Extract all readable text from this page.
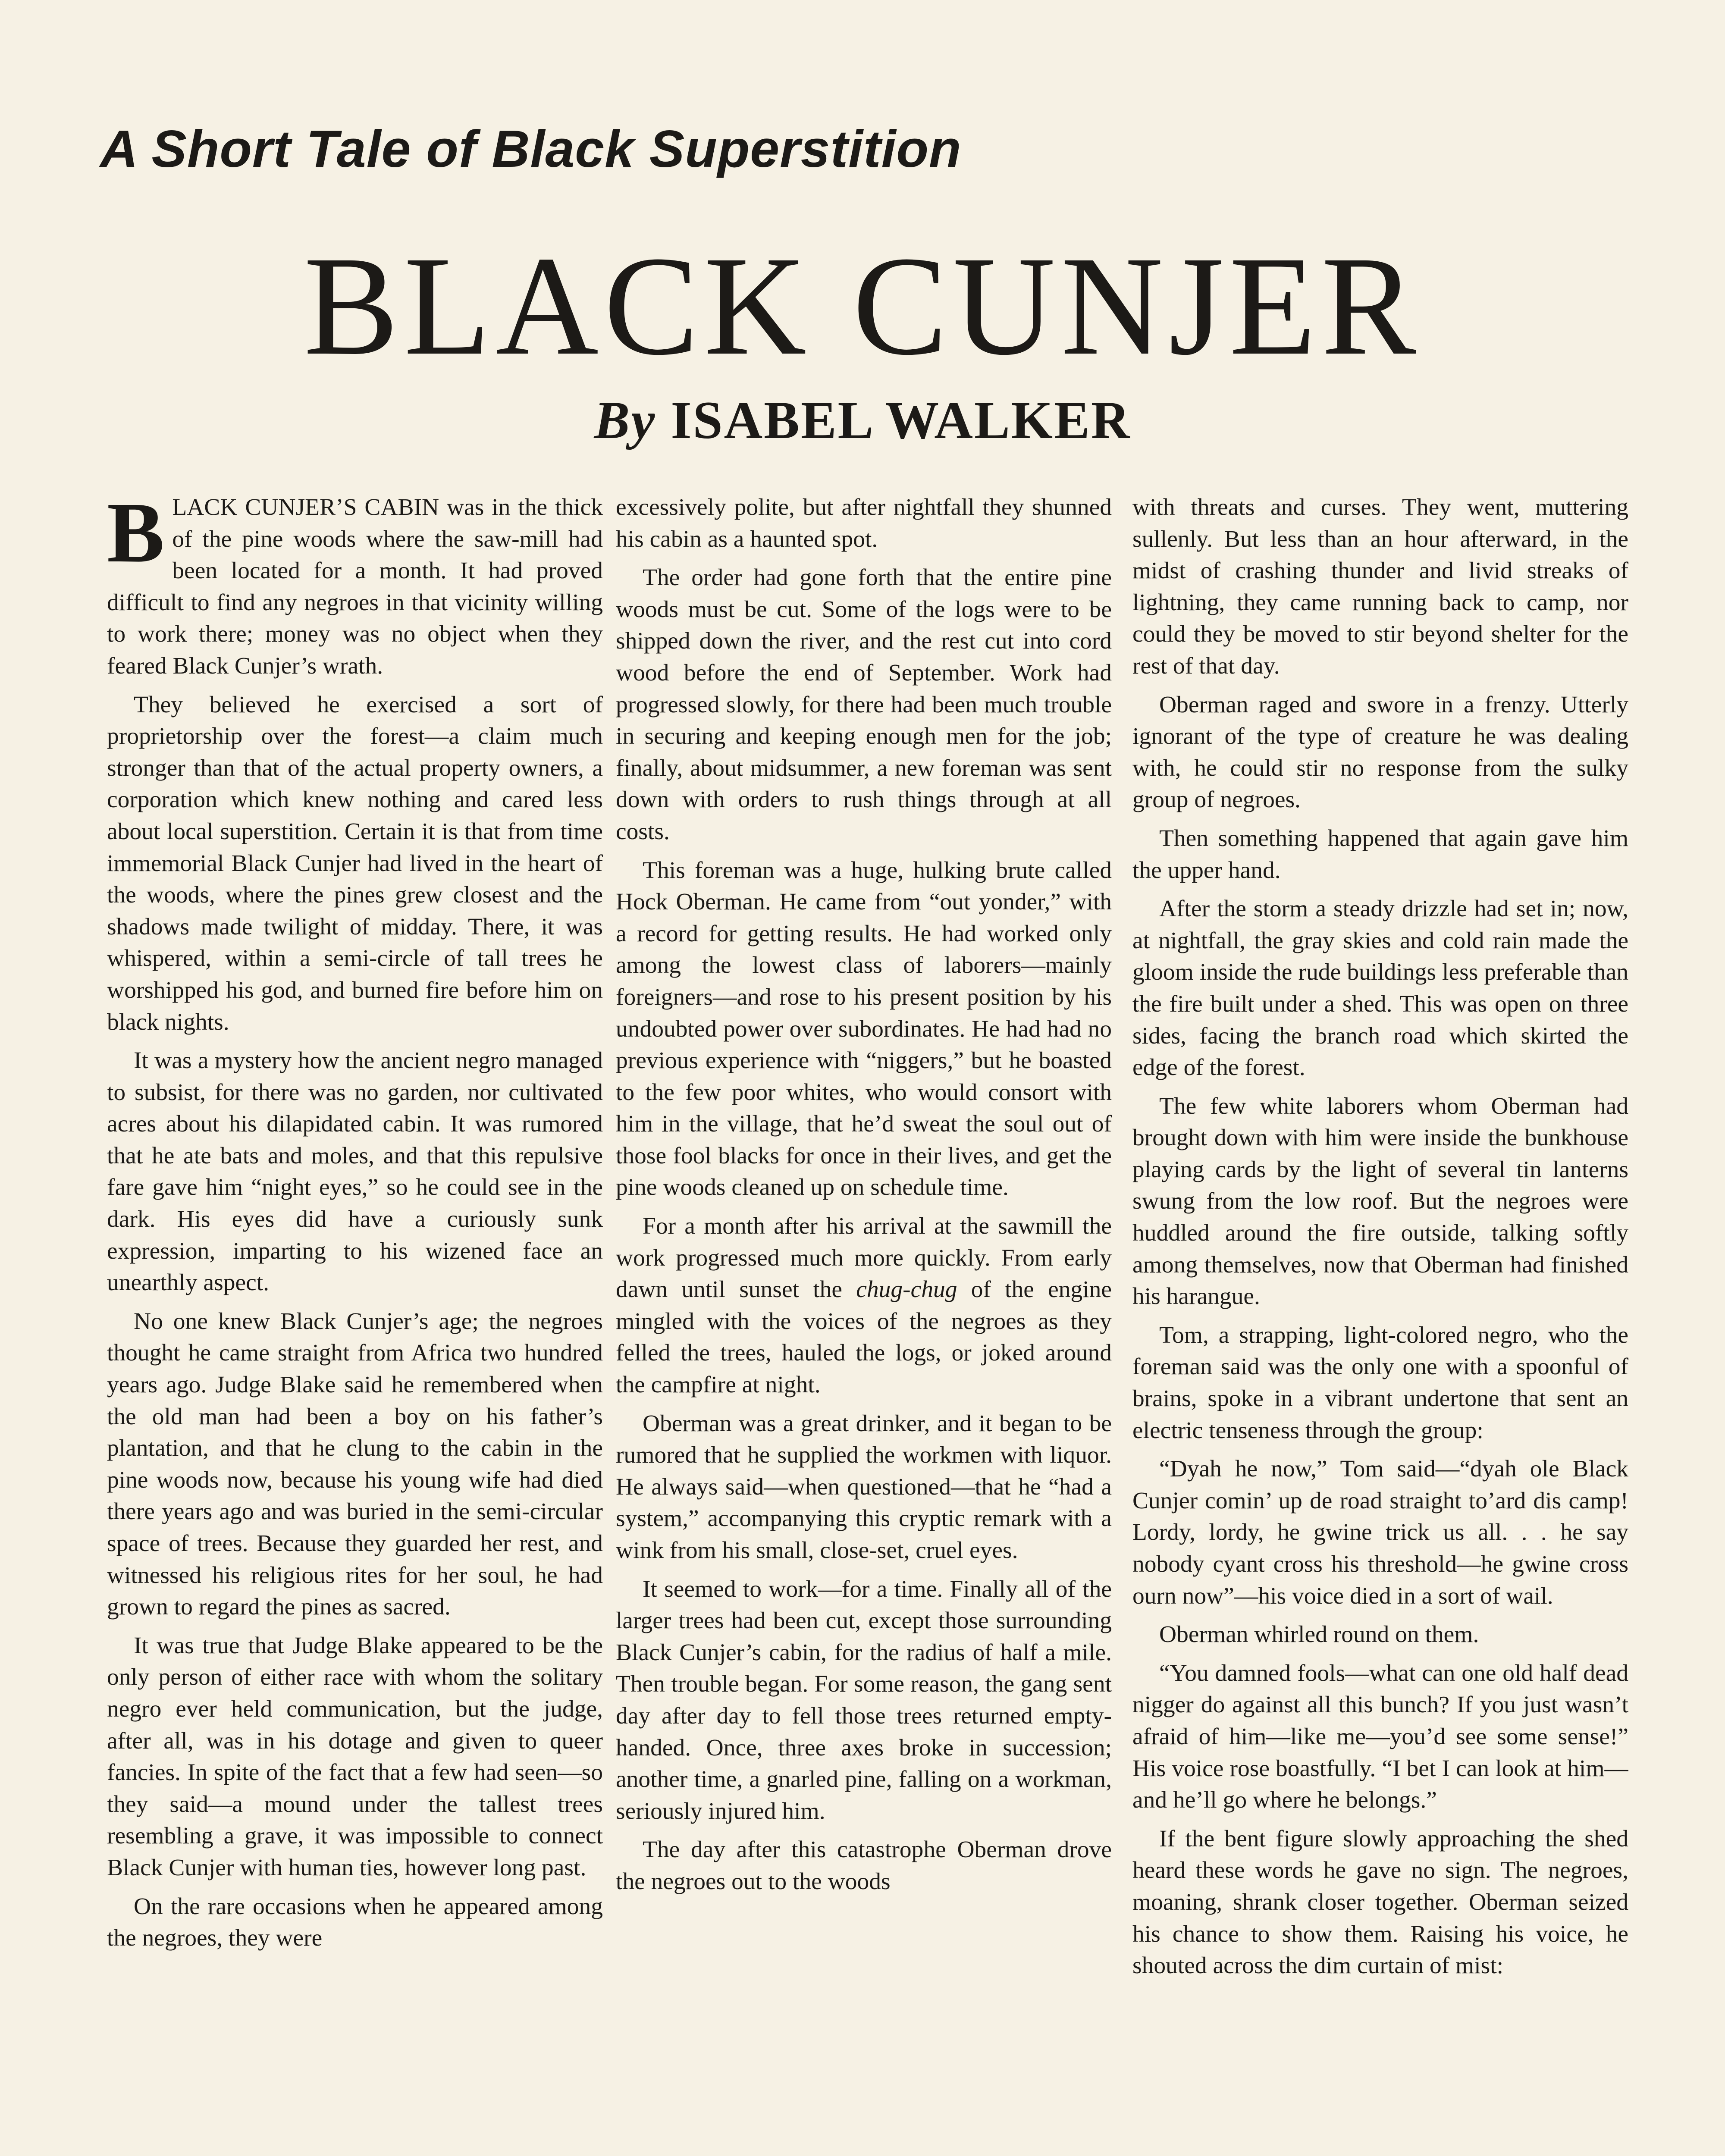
A Short Tale of Black Superstition
BLACK CUNJER
By ISABEL WALKER

BLACK CUNJER’S CABIN was in the thick of the pine woods where the saw-mill had been located for a month. It had proved difficult to find any negroes in that vicinity willing to work there; money was no object when they feared Black Cunjer’s wrath.

They believed he exercised a sort of proprietorship over the forest—a claim much stronger than that of the actual property owners, a corporation which knew nothing and cared less about local superstition. Certain it is that from time immemorial Black Cunjer had lived in the heart of the woods, where the pines grew closest and the shadows made twilight of midday. There, it was whispered, within a semi-circle of tall trees he worshipped his god, and burned fire before him on black nights.

It was a mystery how the ancient negro managed to subsist, for there was no garden, nor cultivated acres about his dilapidated cabin. It was rumored that he ate bats and moles, and that this repulsive fare gave him “night eyes,” so he could see in the dark. His eyes did have a curiously sunk expression, imparting to his wizened face an unearthly aspect.

No one knew Black Cunjer’s age; the negroes thought he came straight from Africa two hundred years ago. Judge Blake said he remembered when the old man had been a boy on his father’s plantation, and that he clung to the cabin in the pine woods now, because his young wife had died there years ago and was buried in the semi-circular space of trees. Because they guarded her rest, and witnessed his religious rites for her soul, he had grown to regard the pines as sacred.

It was true that Judge Blake appeared to be the only person of either race with whom the solitary negro ever held communication, but the judge, after all, was in his dotage and given to queer fancies. In spite of the fact that a few had seen—so they said—a mound under the tallest trees resembling a grave, it was impossible to connect Black Cunjer with human ties, however long past.

On the rare occasions when he appeared among the negroes, they were

excessively polite, but after nightfall they shunned his cabin as a haunted spot.

The order had gone forth that the entire pine woods must be cut. Some of the logs were to be shipped down the river, and the rest cut into cord wood before the end of September. Work had progressed slowly, for there had been much trouble in securing and keeping enough men for the job; finally, about midsummer, a new foreman was sent down with orders to rush things through at all costs.

This foreman was a huge, hulking brute called Hock Oberman. He came from “out yonder,” with a record for getting results. He had worked only among the lowest class of laborers—mainly foreigners—and rose to his present position by his undoubted power over subordinates. He had had no previous experience with “niggers,” but he boasted to the few poor whites, who would consort with him in the village, that he’d sweat the soul out of those fool blacks for once in their lives, and get the pine woods cleaned up on schedule time.

For a month after his arrival at the sawmill the work progressed much more quickly. From early dawn until sunset the chug-chug of the engine mingled with the voices of the negroes as they felled the trees, hauled the logs, or joked around the campfire at night.

Oberman was a great drinker, and it began to be rumored that he supplied the workmen with liquor. He always said—when questioned—that he “had a system,” accompanying this cryptic remark with a wink from his small, close-set, cruel eyes.

It seemed to work—for a time. Finally all of the larger trees had been cut, except those surrounding Black Cunjer’s cabin, for the radius of half a mile. Then trouble began. For some reason, the gang sent day after day to fell those trees returned empty-handed. Once, three axes broke in succession; another time, a gnarled pine, falling on a workman, seriously injured him.

The day after this catastrophe Oberman drove the negroes out to the woods

with threats and curses. They went, muttering sullenly. But less than an hour afterward, in the midst of crashing thunder and livid streaks of lightning, they came running back to camp, nor could they be moved to stir beyond shelter for the rest of that day.

Oberman raged and swore in a frenzy. Utterly ignorant of the type of creature he was dealing with, he could stir no response from the sulky group of negroes.

Then something happened that again gave him the upper hand.

After the storm a steady drizzle had set in; now, at nightfall, the gray skies and cold rain made the gloom inside the rude buildings less preferable than the fire built under a shed. This was open on three sides, facing the branch road which skirted the edge of the forest.

The few white laborers whom Oberman had brought down with him were inside the bunkhouse playing cards by the light of several tin lanterns swung from the low roof. But the negroes were huddled around the fire outside, talking softly among themselves, now that Oberman had finished his harangue.

Tom, a strapping, light-colored negro, who the foreman said was the only one with a spoonful of brains, spoke in a vibrant undertone that sent an electric tenseness through the group:

“Dyah he now,” Tom said—“dyah ole Black Cunjer comin’ up de road straight to’ard dis camp! Lordy, lordy, he gwine trick us all. . . he say nobody cyant cross his threshold—he gwine cross ourn now”—his voice died in a sort of wail.

Oberman whirled round on them.

“You damned fools—what can one old half dead nigger do against all this bunch? If you just wasn’t afraid of him—like me—you’d see some sense!” His voice rose boastfully. “I bet I can look at him—and he’ll go where he belongs.”

If the bent figure slowly approaching the shed heard these words he gave no sign. The negroes, moaning, shrank closer together. Oberman seized his chance to show them. Raising his voice, he shouted across the dim curtain of mist:
